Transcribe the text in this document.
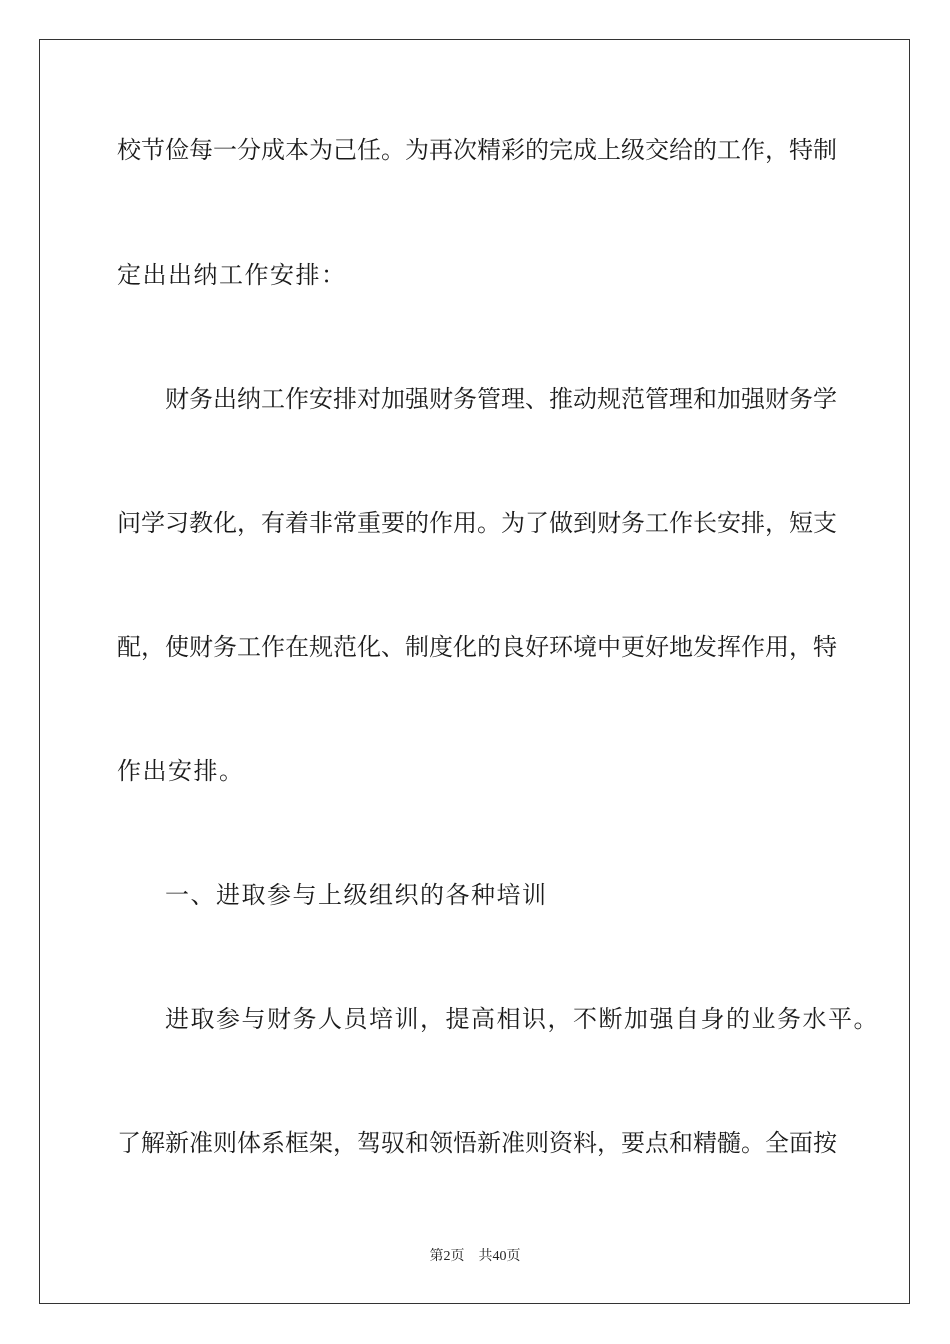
校节俭每一分成本为己任。为再次精彩的完成上级交给的工作，特制
定出出纳工作安排：
财务出纳工作安排对加强财务管理、推动规范管理和加强财务学
问学习教化，有着非常重要的作用。为了做到财务工作长安排，短支
配，使财务工作在规范化、制度化的良好环境中更好地发挥作用，特
作出安排。
一、进取参与上级组织的各种培训
进取参与财务人员培训，提高相识，不断加强自身的业务水平。
了解新准则体系框架，驾驭和领悟新准则资料，要点和精髓。全面按
第2页 共40页
